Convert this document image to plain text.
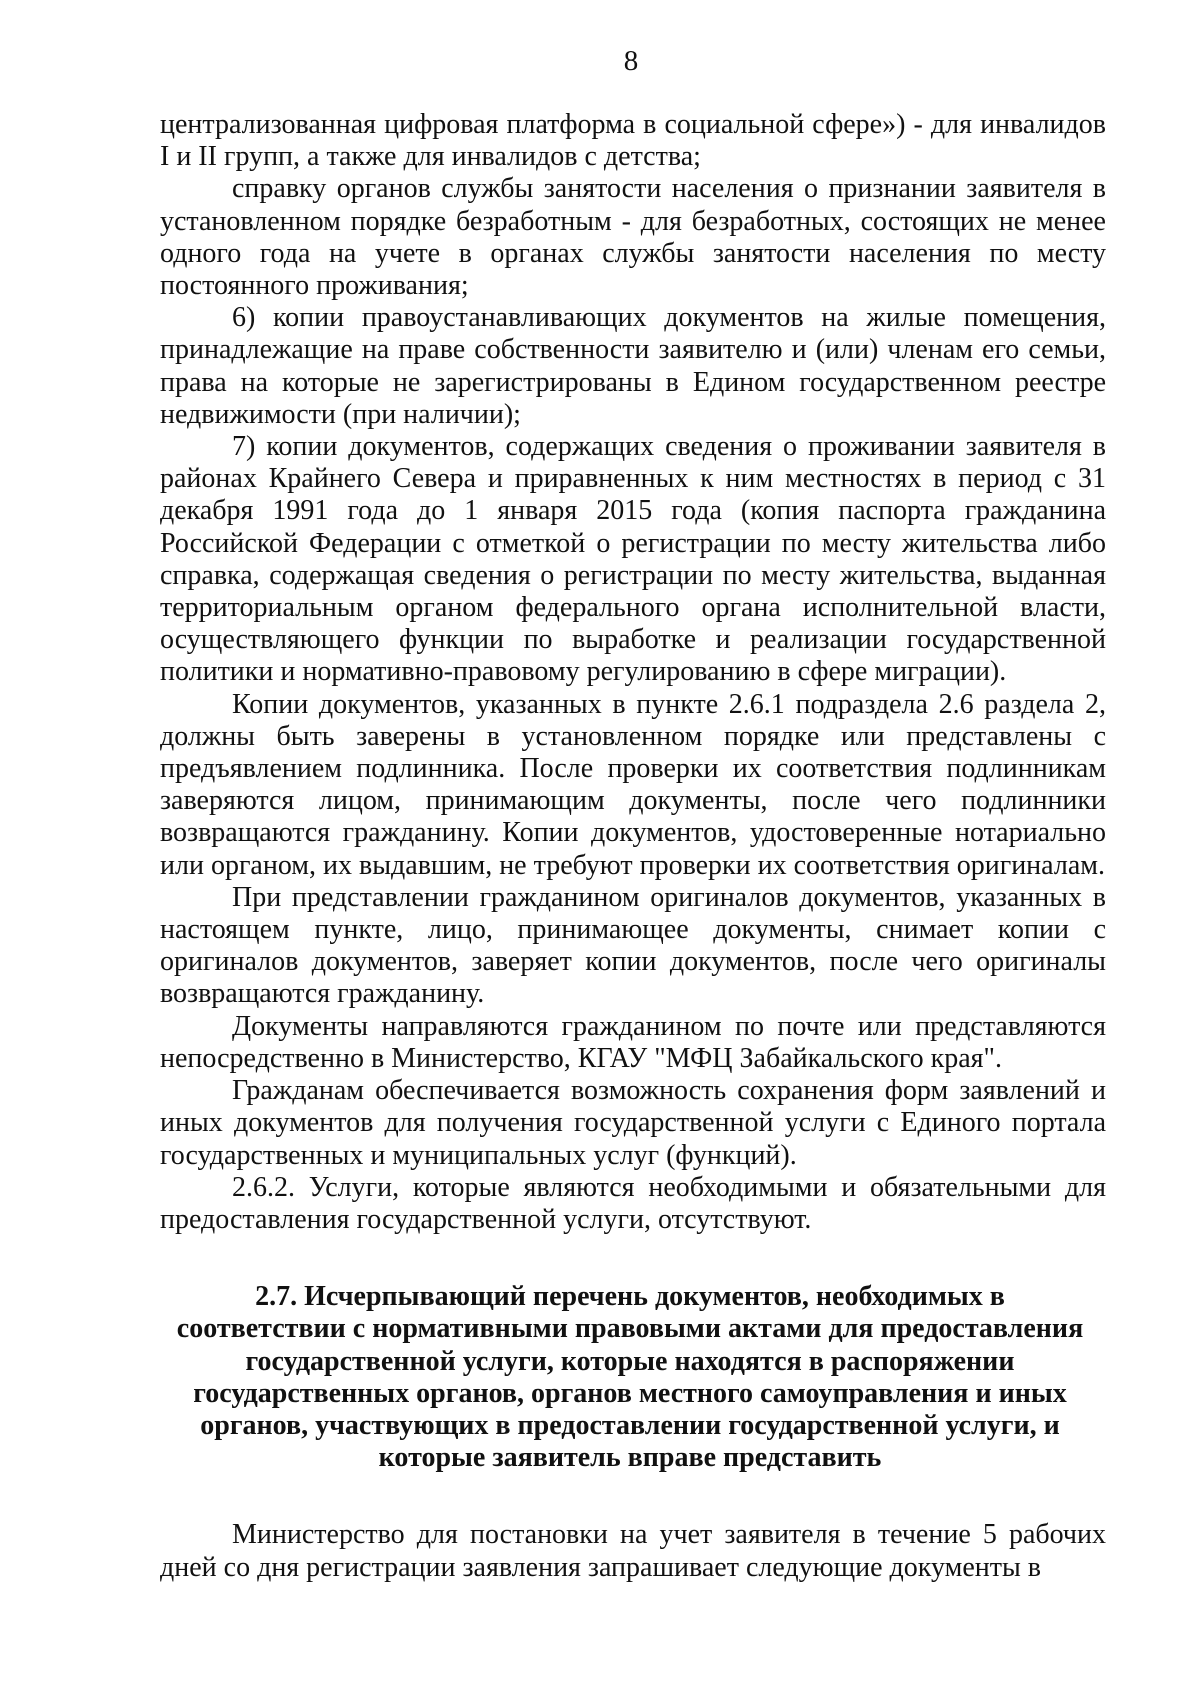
8

централизованная цифровая платформа в социальной сфере») - для инвалидов I и II групп, а также для инвалидов с детства;

справку органов службы занятости населения о признании заявителя в установленном порядке безработным - для безработных, состоящих не менее одного года на учете в органах службы занятости населения по месту постоянного проживания;

6) копии правоустанавливающих документов на жилые помещения, принадлежащие на праве собственности заявителю и (или) членам его семьи, права на которые не зарегистрированы в Едином государственном реестре недвижимости (при наличии);

7) копии документов, содержащих сведения о проживании заявителя в районах Крайнего Севера и приравненных к ним местностях в период с 31 декабря 1991 года до 1 января 2015 года (копия паспорта гражданина Российской Федерации с отметкой о регистрации по месту жительства либо справка, содержащая сведения о регистрации по месту жительства, выданная территориальным органом федерального органа исполнительной власти, осуществляющего функции по выработке и реализации государственной политики и нормативно-правовому регулированию в сфере миграции).

Копии документов, указанных в пункте 2.6.1 подраздела 2.6 раздела 2, должны быть заверены в установленном порядке или представлены с предъявлением подлинника. После проверки их соответствия подлинникам заверяются лицом, принимающим документы, после чего подлинники возвращаются гражданину. Копии документов, удостоверенные нотариально или органом, их выдавшим, не требуют проверки их соответствия оригиналам.

При представлении гражданином оригиналов документов, указанных в настоящем пункте, лицо, принимающее документы, снимает копии с оригиналов документов, заверяет копии документов, после чего оригиналы возвращаются гражданину.

Документы направляются гражданином по почте или представляются непосредственно в Министерство, КГАУ "МФЦ Забайкальского края".

Гражданам обеспечивается возможность сохранения форм заявлений и иных документов для получения государственной услуги с Единого портала государственных и муниципальных услуг (функций).

2.6.2. Услуги, которые являются необходимыми и обязательными для предоставления государственной услуги, отсутствуют.

2.7. Исчерпывающий перечень документов, необходимых в соответствии с нормативными правовыми актами для предоставления государственной услуги, которые находятся в распоряжении государственных органов, органов местного самоуправления и иных органов, участвующих в предоставлении государственной услуги, и которые заявитель вправе представить

Министерство для постановки на учет заявителя в течение 5 рабочих дней со дня регистрации заявления запрашивает следующие документы в
